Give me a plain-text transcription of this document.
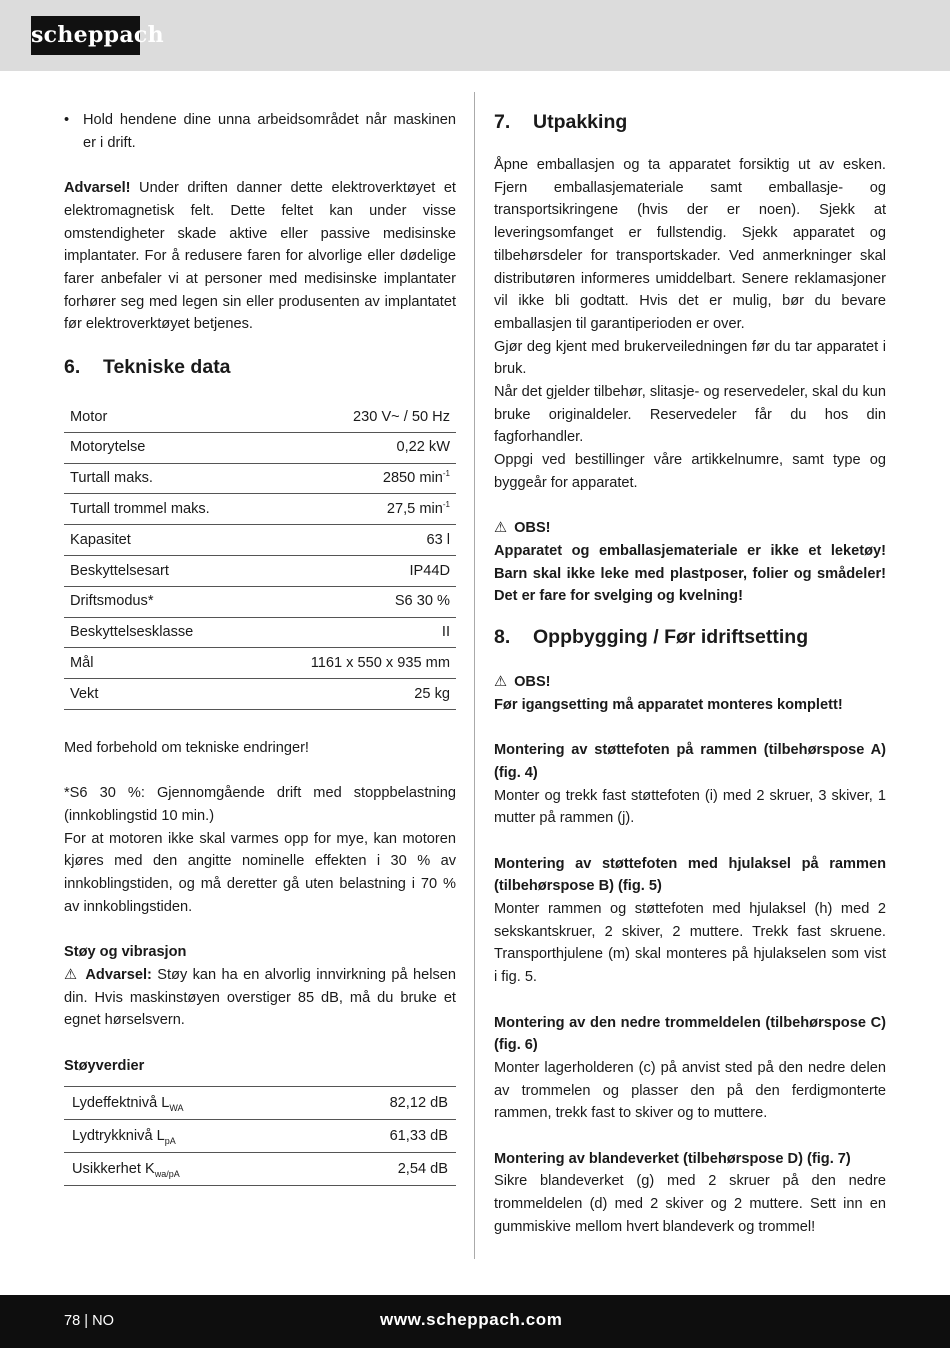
scheppach
• Hold hendene dine unna arbeidsområdet når maskinen er i drift.

Advarsel! Under driften danner dette elektroverktøyet et elektromagnetisk felt. Dette feltet kan under visse omstendigheter skade aktive eller passive medisinske implantater. For å redusere faren for alvorlige eller dødelige farer anbefaler vi at personer med medisinske implantater forhører seg med legen sin eller produsenten av implantatet før elektroverktøyet betjenes.

6.	Tekniske data
Motor	230 V~ / 50 Hz
Motorytelse	0,22 kW
Turtall maks.	2850 $\min^{-1}$
Turtall trommel maks.	27,5 $\min^{-1}$
Kapasitet	63 l
Beskyttelsesart	IP44D
Driftsmodus*	S6 30 %
Beskyttelsesklasse	II
Mål	1161 x 550 x 935 mm
Vekt	25 kg

Med forbehold om tekniske endringer!

*S6 30 %: Gjennomgående drift med stoppbelastning (innkoblingstid 10 min.)

For at motoren ikke skal varmes opp for mye, kan motoren kjøres med den angitte nominelle effekten i 30 % av innkoblingstiden, og må deretter gå uten belastning i 70 % av innkoblingstiden.

Støy og vibrasjon

⚠ Advarsel: Støy kan ha en alvorlig innvirkning på helsen din. Hvis maskinstøyen overstiger 85 dB, må du bruke et egnet hørselsvern.

Støyverdier

Lydeffektnivå $L_{WA}$	82,12 dB
Lydtrykknivå $L_{pA}$	61,33 dB
Usikkerhet $K_{wa/pA}$	2,54 dB
7.	Utpakking

Åpne emballasjen og ta apparatet forsiktig ut av esken. Fjern emballasjemateriale samt emballasje- og transportsikringene (hvis der er noen). Sjekk at leveringsomfanget er fullstendig. Sjekk apparatet og tilbehørsdeler for transportskader. Ved anmerkninger skal distributøren informeres umiddelbart. Senere reklamasjoner vil ikke bli godtatt. Hvis det er mulig, bør du bevare emballasjen til garantiperioden er over.

Gjør deg kjent med brukerveiledningen før du tar apparatet i bruk.

Når det gjelder tilbehør, slitasje- og reservedeler, skal du kun bruke originaldeler. Reservedeler får du hos din fagforhandler.

Oppgi ved bestillinger våre artikkelnumre, samt type og byggeår for apparatet.

⚠ OBS!

Apparatet og emballasjemateriale er ikke et leketøy! Barn skal ikke leke med plastposer, folier og smådeler! Det er fare for svelging og kvelning!

8.	Oppbygging / Før idriftsetting

⚠ OBS!

Før igangsetting må apparatet monteres komplett!

Montering av støttefoten på rammen (tilbehørspose A) (fig. 4)

Monter og trekk fast støttefoten (i) med 2 skruer, 3 skiver, 1 mutter på rammen (j).

Montering av støttefoten med hjulaksel på rammen (tilbehørspose B) (fig. 5)

Monter rammen og støttefoten med hjulaksel (h) med 2 sekskantskruer, 2 skiver, 2 muttere. Trekk fast skruene. Transporthjulene (m) skal monteres på hjulakselen som vist i fig. 5.

Montering av den nedre trommeldelen (tilbehørspose C) (fig. 6)

Monter lagerholderen (c) på anvist sted på den nedre delen av trommelen og plasser den på den ferdigmonterte rammen, trekk fast to skiver og to muttere.

Montering av blandeverket (tilbehørspose D) (fig. 7)

Sikre blandeverket (g) med 2 skruer på den nedre trommeldelen (d) med 2 skiver og 2 muttere. Sett inn en gummiskive mellom hvert blandeverk og trommel!

78 | NO	www.scheppach.com
